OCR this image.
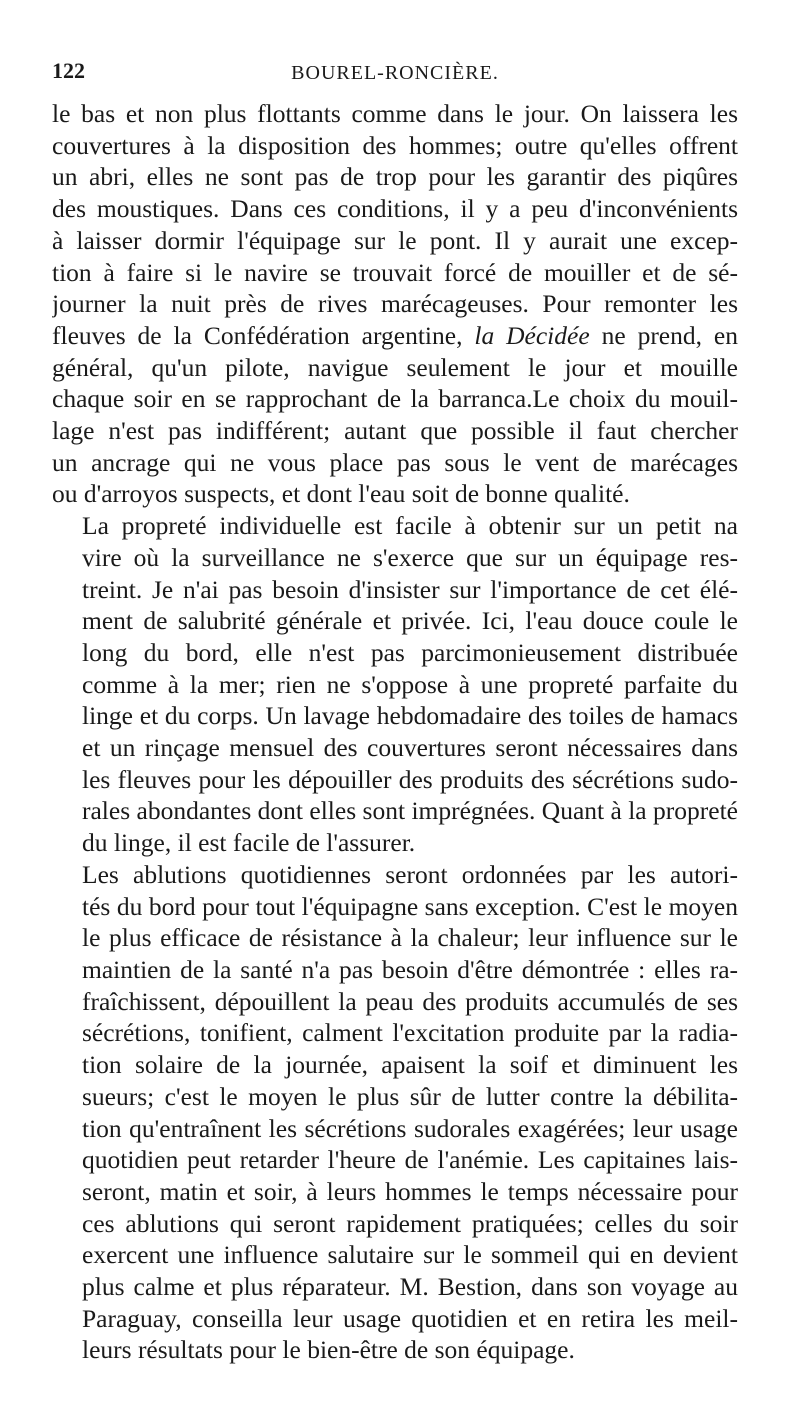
122	BOUREL-RONCIÈRE.

le bas et non plus flottants comme dans le jour. On laissera les
couvertures à la disposition des hommes; outre qu'elles offrent
un abri, elles ne sont pas de trop pour les garantir des piqûres
des moustiques. Dans ces conditions, il y a peu d'inconvénients
à laisser dormir l'équipage sur le pont. Il y aurait une excep-
tion à faire si le navire se trouvait forcé de mouiller et de sé-
journer la nuit près de rives marécageuses. Pour remonter les
fleuves de la Confédération argentine, la Décidée ne prend, en
général, qu'un pilote, navigue seulement le jour et mouille
chaque soir en se rapprochant de la barranca.Le choix du mouil-
lage n'est pas indifférent; autant que possible il faut chercher
un ancrage qui ne vous place pas sous le vent de marécages
ou d'arroyos suspects, et dont l'eau soit de bonne qualité.

La propreté individuelle est facile à obtenir sur un petit na
vire où la surveillance ne s'exerce que sur un équipage res-
treint. Je n'ai pas besoin d'insister sur l'importance de cet élé-
ment de salubrité générale et privée. Ici, l'eau douce coule le
long du bord, elle n'est pas parcimonieusement distribuée
comme à la mer; rien ne s'oppose à une propreté parfaite du
linge et du corps. Un lavage hebdomadaire des toiles de hamacs
et un rinçage mensuel des couvertures seront nécessaires dans
les fleuves pour les dépouiller des produits des sécrétions sudo-
rales abondantes dont elles sont imprégnées. Quant à la propreté
du linge, il est facile de l'assurer.

Les ablutions quotidiennes seront ordonnées par les autori-
tés du bord pour tout l'équipagne sans exception. C'est le moyen
le plus efficace de résistance à la chaleur; leur influence sur le
maintien de la santé n'a pas besoin d'être démontrée : elles ra-
fraîchissent, dépouillent la peau des produits accumulés de ses
sécrétions, tonifient, calment l'excitation produite par la radia-
tion solaire de la journée, apaisent la soif et diminuent les
sueurs; c'est le moyen le plus sûr de lutter contre la débilita-
tion qu'entraînent les sécrétions sudorales exagérées; leur usage
quotidien peut retarder l'heure de l'anémie. Les capitaines lais-
seront, matin et soir, à leurs hommes le temps nécessaire pour
ces ablutions qui seront rapidement pratiquées; celles du soir
exercent une influence salutaire sur le sommeil qui en devient
plus calme et plus réparateur. M. Bestion, dans son voyage au
Paraguay, conseilla leur usage quotidien et en retira les meil-
leurs résultats pour le bien-être de son équipage.
